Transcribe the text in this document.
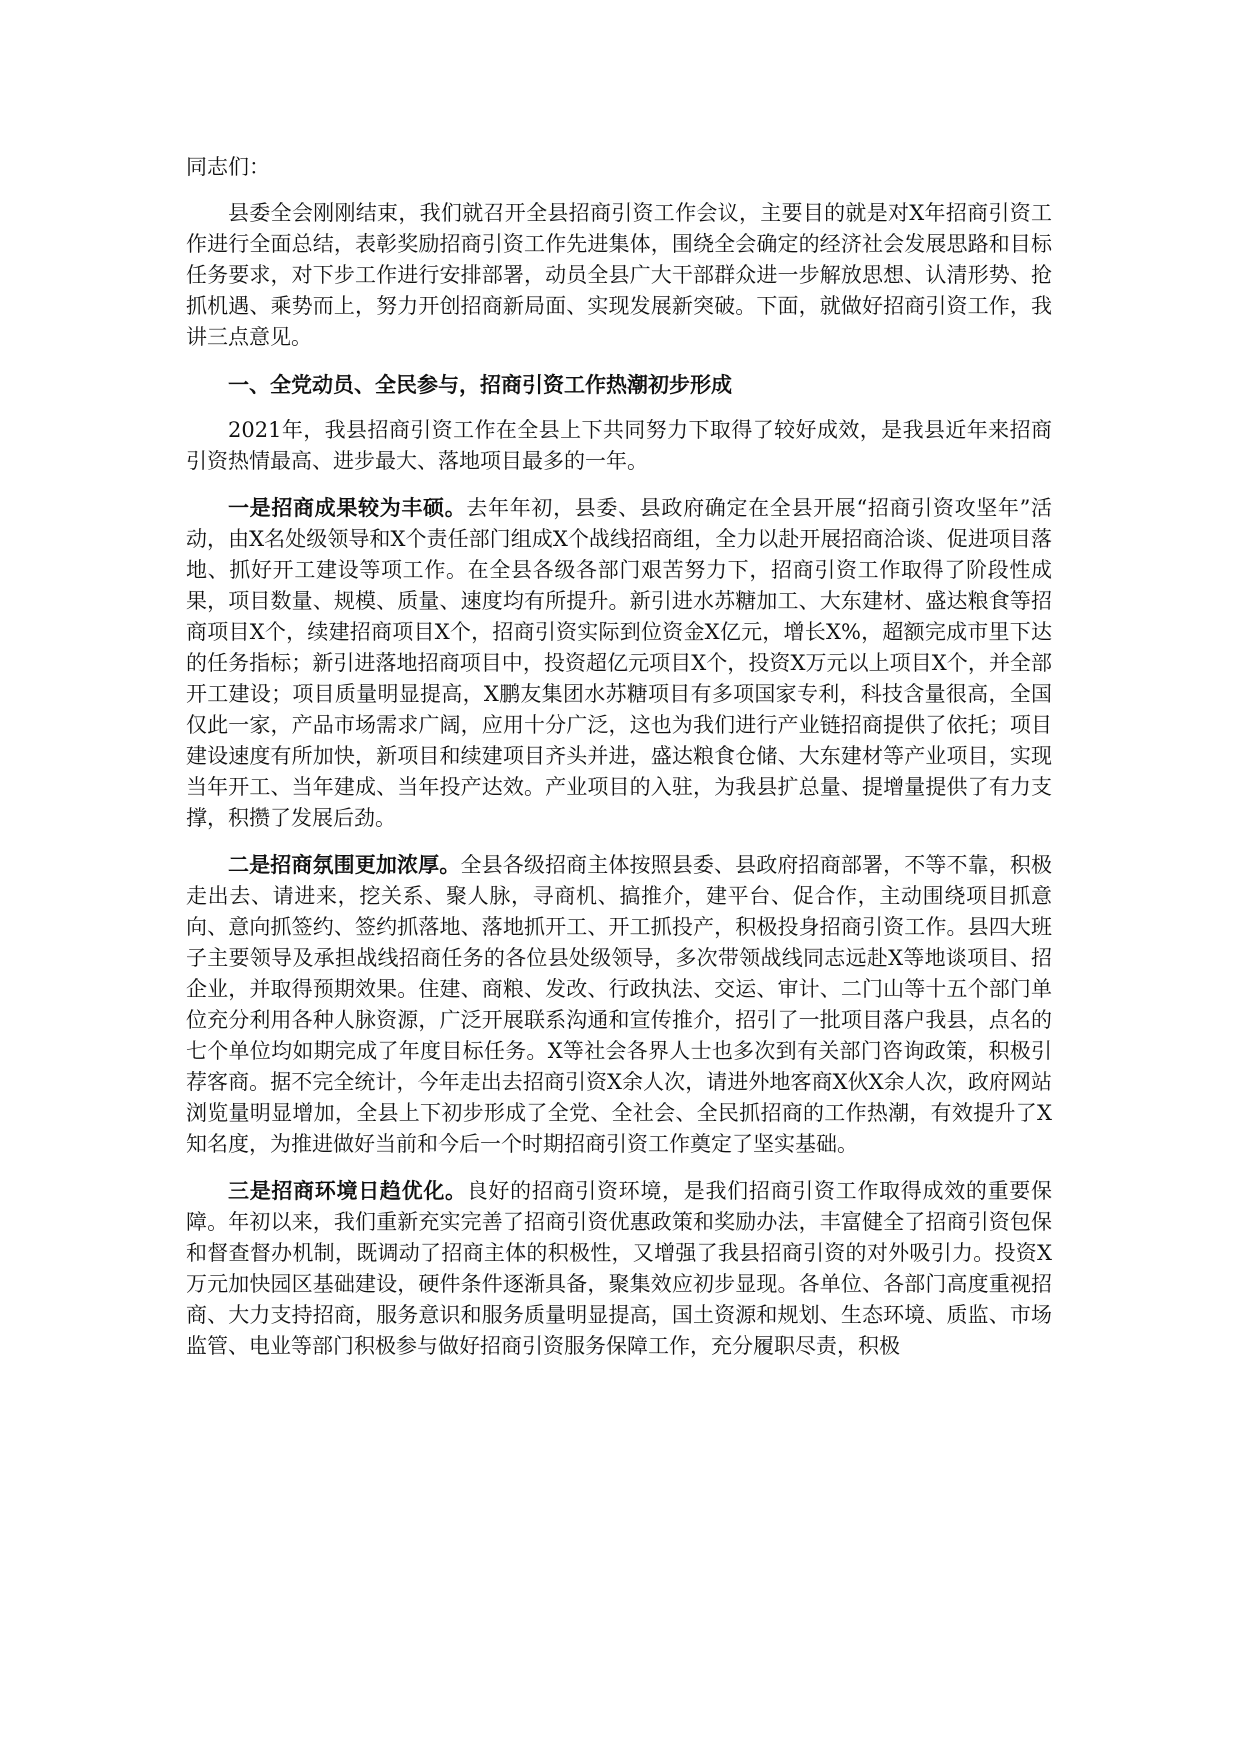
同志们：

县委全会刚刚结束，我们就召开全县招商引资工作会议，主要目的就是对X年招商引资工作进行全面总结，表彰奖励招商引资工作先进集体，围绕全会确定的经济社会发展思路和目标任务要求，对下步工作进行安排部署，动员全县广大干部群众进一步解放思想、认清形势、抢抓机遇、乘势而上，努力开创招商新局面、实现发展新突破。下面，就做好招商引资工作，我讲三点意见。

一、全党动员、全民参与，招商引资工作热潮初步形成

2021年，我县招商引资工作在全县上下共同努力下取得了较好成效，是我县近年来招商引资热情最高、进步最大、落地项目最多的一年。

一是招商成果较为丰硕。去年年初，县委、县政府确定在全县开展“招商引资攻坚年”活动，由X名处级领导和X个责任部门组成X个战线招商组，全力以赴开展招商洽谈、促进项目落地、抓好开工建设等项工作。在全县各级各部门艰苦努力下，招商引资工作取得了阶段性成果，项目数量、规模、质量、速度均有所提升。新引进水苏糖加工、大东建材、盛达粮食等招商项目X个，续建招商项目X个，招商引资实际到位资金X亿元，增长X%，超额完成市里下达的任务指标；新引进落地招商项目中，投资超亿元项目X个，投资X万元以上项目X个，并全部开工建设；项目质量明显提高，X鹏友集团水苏糖项目有多项国家专利，科技含量很高，全国仅此一家，产品市场需求广阔，应用十分广泛，这也为我们进行产业链招商提供了依托；项目建设速度有所加快，新项目和续建项目齐头并进，盛达粮食仓储、大东建材等产业项目，实现当年开工、当年建成、当年投产达效。产业项目的入驻，为我县扩总量、提增量提供了有力支撑，积攒了发展后劲。

二是招商氛围更加浓厚。全县各级招商主体按照县委、县政府招商部署，不等不靠，积极走出去、请进来，挖关系、聚人脉，寻商机、搞推介，建平台、促合作，主动围绕项目抓意向、意向抓签约、签约抓落地、落地抓开工、开工抓投产，积极投身招商引资工作。县四大班子主要领导及承担战线招商任务的各位县处级领导，多次带领战线同志远赴X等地谈项目、招企业，并取得预期效果。住建、商粮、发改、行政执法、交运、审计、二门山等十五个部门单位充分利用各种人脉资源，广泛开展联系沟通和宣传推介，招引了一批项目落户我县，点名的七个单位均如期完成了年度目标任务。X等社会各界人士也多次到有关部门咨询政策，积极引荐客商。据不完全统计，今年走出去招商引资X余人次，请进外地客商X伙X余人次，政府网站浏览量明显增加，全县上下初步形成了全党、全社会、全民抓招商的工作热潮，有效提升了X知名度，为推进做好当前和今后一个时期招商引资工作奠定了坚实基础。

三是招商环境日趋优化。良好的招商引资环境，是我们招商引资工作取得成效的重要保障。年初以来，我们重新充实完善了招商引资优惠政策和奖励办法，丰富健全了招商引资包保和督查督办机制，既调动了招商主体的积极性，又增强了我县招商引资的对外吸引力。投资X万元加快园区基础建设，硬件条件逐渐具备，聚集效应初步显现。各单位、各部门高度重视招商、大力支持招商，服务意识和服务质量明显提高，国土资源和规划、生态环境、质监、市场监管、电业等部门积极参与做好招商引资服务保障工作，充分履职尽责，积极
